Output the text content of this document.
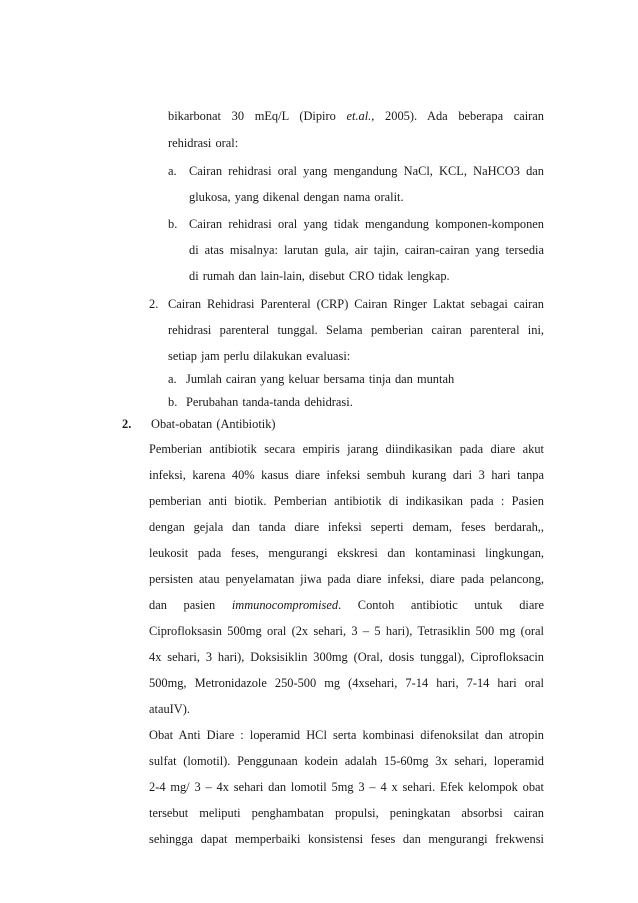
bikarbonat 30 mEq/L (Dipiro et.al., 2005). Ada beberapa cairan
rehidrasi oral:
a. Cairan rehidrasi oral yang mengandung NaCl, KCL, NaHCO3 dan
glukosa, yang dikenal dengan nama oralit.
b. Cairan rehidrasi oral yang tidak mengandung komponen-komponen
di atas misalnya: larutan gula, air tajin, cairan-cairan yang tersedia
di rumah dan lain-lain, disebut CRO tidak lengkap.
2. Cairan Rehidrasi Parenteral (CRP) Cairan Ringer Laktat sebagai cairan
rehidrasi parenteral tunggal. Selama pemberian cairan parenteral ini,
setiap jam perlu dilakukan evaluasi:
a. Jumlah cairan yang keluar bersama tinja dan muntah
b. Perubahan tanda-tanda dehidrasi.
2. Obat-obatan (Antibiotik)
Pemberian antibiotik secara empiris jarang diindikasikan pada diare akut
infeksi, karena 40% kasus diare infeksi sembuh kurang dari 3 hari tanpa
pemberian anti biotik. Pemberian antibiotik di indikasikan pada : Pasien
dengan gejala dan tanda diare infeksi seperti demam, feses berdarah,,
leukosit pada feses, mengurangi ekskresi dan kontaminasi lingkungan,
persisten atau penyelamatan jiwa pada diare infeksi, diare pada pelancong,
dan pasien immunocompromised. Contoh antibiotic untuk diare
Ciprofloksasin 500mg oral (2x sehari, 3 – 5 hari), Tetrasiklin 500 mg (oral
4x sehari, 3 hari), Doksisiklin 300mg (Oral, dosis tunggal), Ciprofloksacin
500mg, Metronidazole 250-500 mg (4xsehari, 7-14 hari, 7-14 hari oral
atauIV).
Obat Anti Diare : loperamid HCl serta kombinasi difenoksilat dan atropin
sulfat (lomotil). Penggunaan kodein adalah 15-60mg 3x sehari, loperamid
2-4 mg/ 3 – 4x sehari dan lomotil 5mg 3 – 4 x sehari. Efek kelompok obat
tersebut meliputi penghambatan propulsi, peningkatan absorbsi cairan
sehingga dapat memperbaiki konsistensi feses dan mengurangi frekwensi
